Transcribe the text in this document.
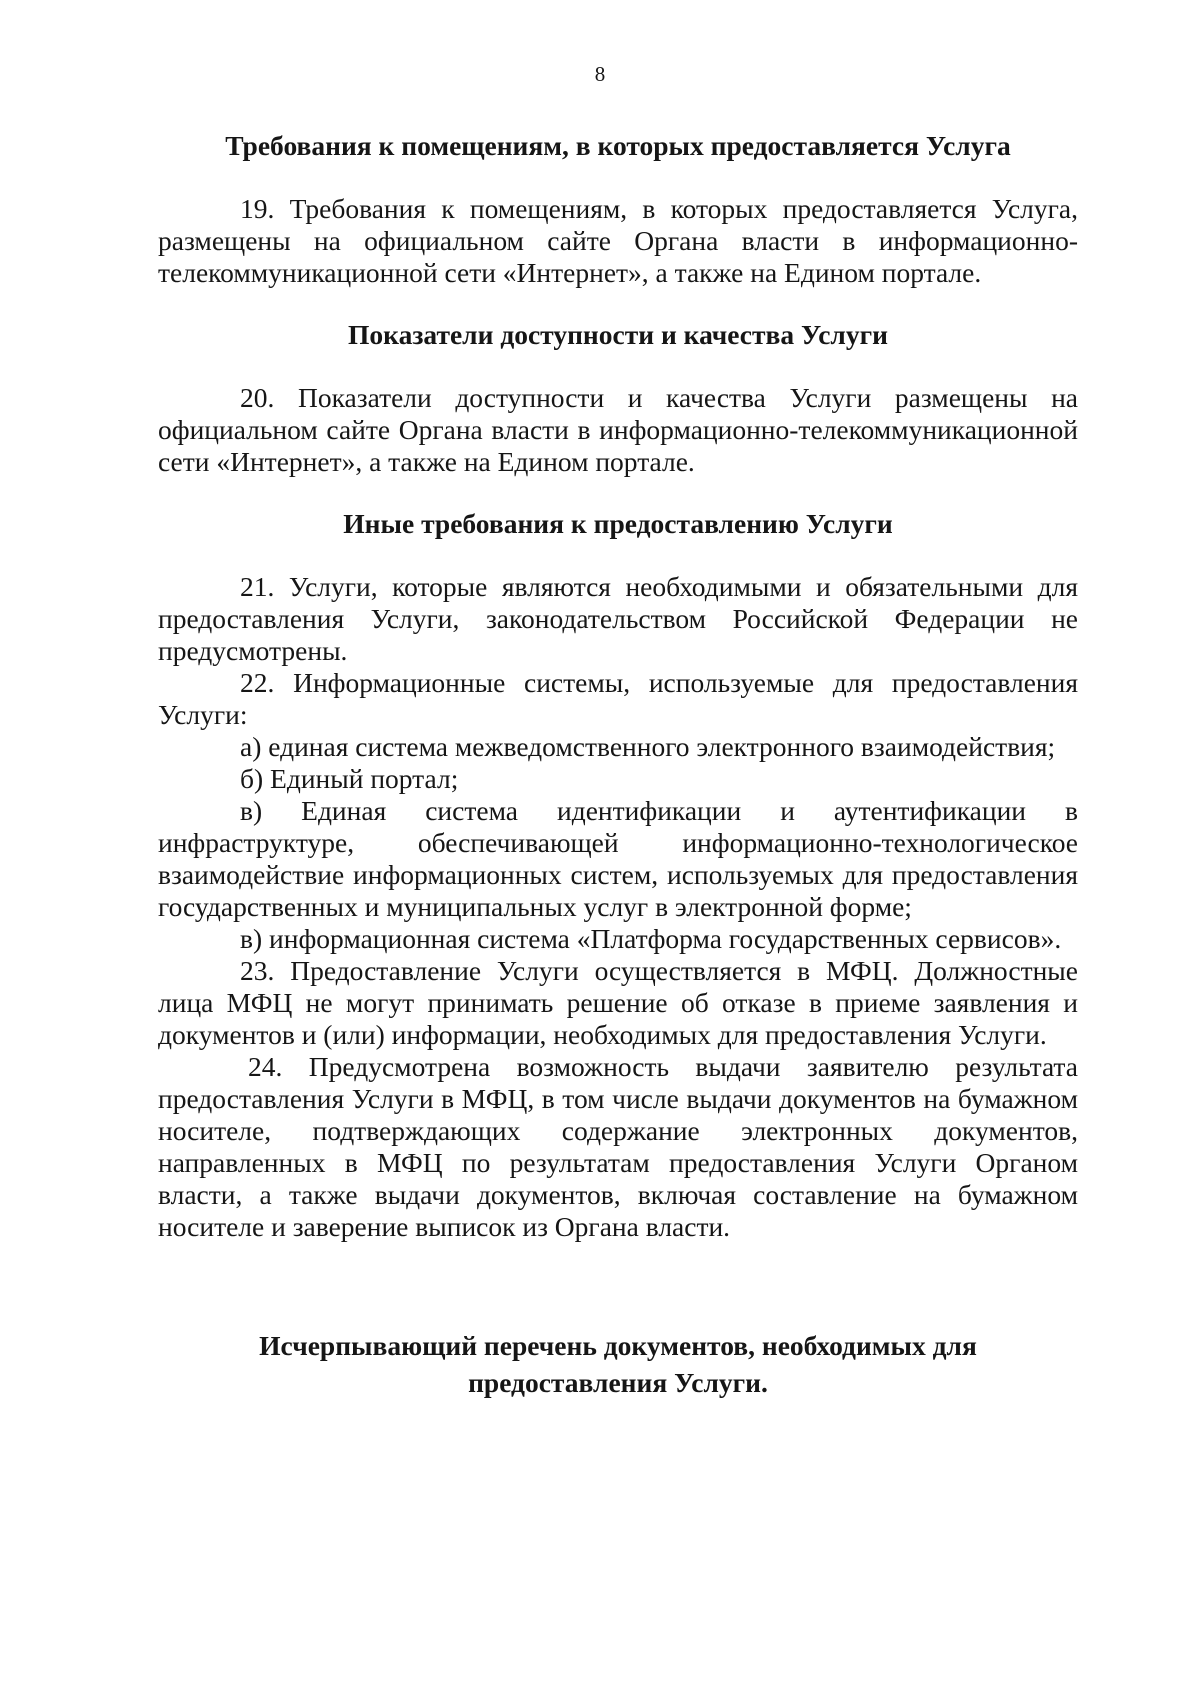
8
Требования к помещениям, в которых предоставляется Услуга

19. Требования к помещениям, в которых предоставляется Услуга, размещены на официальном сайте Органа власти в информационно-телекоммуникационной сети «Интернет», а также на Едином портале.

Показатели доступности и качества Услуги

20. Показатели доступности и качества Услуги размещены на официальном сайте Органа власти в информационно-телекоммуникационной сети «Интернет», а также на Едином портале.

Иные требования к предоставлению Услуги

21. Услуги, которые являются необходимыми и обязательными для предоставления Услуги, законодательством Российской Федерации не предусмотрены.

22. Информационные системы, используемые для предоставления Услуги:

а) единая система межведомственного электронного взаимодействия;

б) Единый портал;

в) Единая система идентификации и аутентификации в инфраструктуре, обеспечивающей информационно-технологическое взаимодействие информационных систем, используемых для предоставления государственных и муниципальных услуг в электронной форме;

в) информационная система «Платформа государственных сервисов».

23. Предоставление Услуги осуществляется в МФЦ. Должностные лица МФЦ не могут принимать решение об отказе в приеме заявления и документов и (или) информации, необходимых для предоставления Услуги.

24. Предусмотрена возможность выдачи заявителю результата предоставления Услуги в МФЦ, в том числе выдачи документов на бумажном носителе, подтверждающих содержание электронных документов, направленных в МФЦ по результатам предоставления Услуги Органом власти, а также выдачи документов, включая составление на бумажном носителе и заверение выписок из Органа власти.

Исчерпывающий перечень документов, необходимых для
предоставления Услуги.
